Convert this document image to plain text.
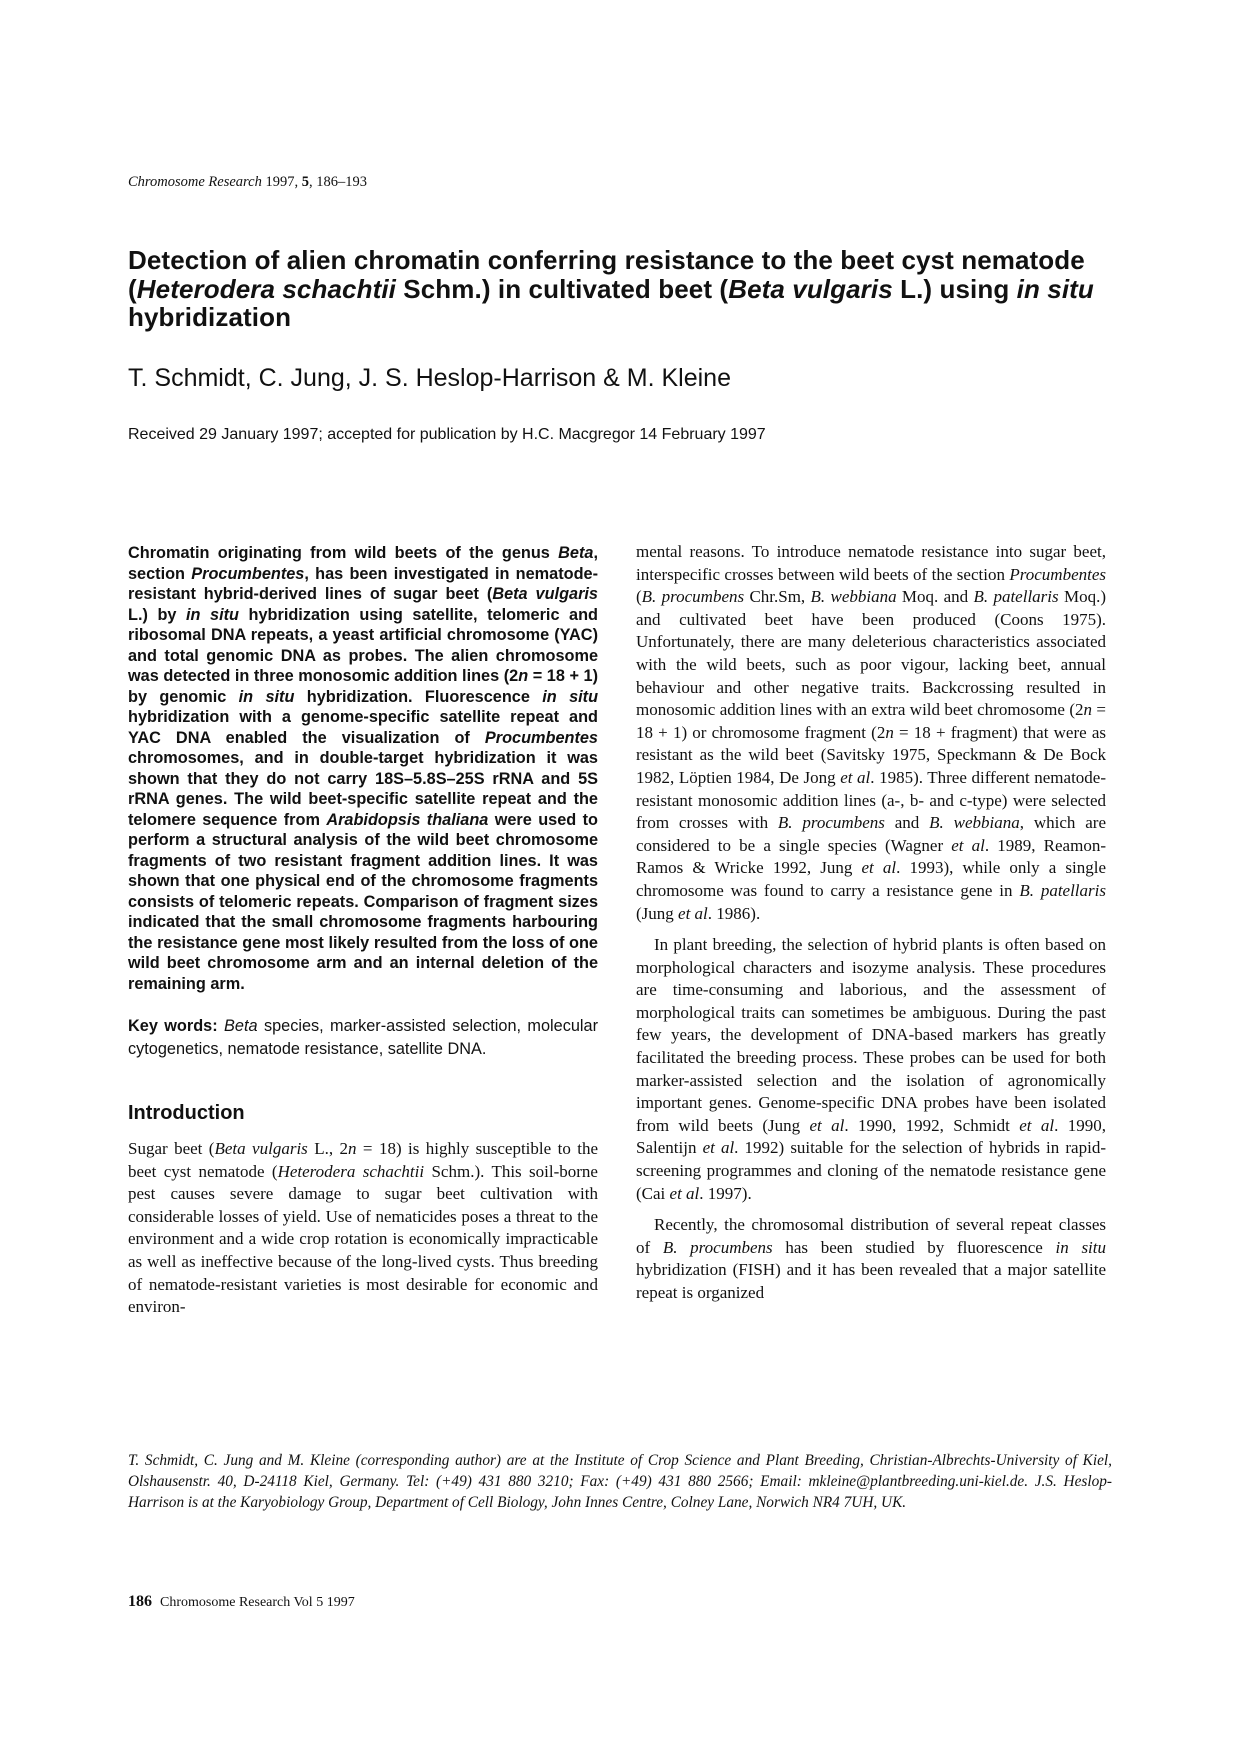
Chromosome Research 1997, 5, 186–193
Detection of alien chromatin conferring resistance to the beet cyst nematode (Heterodera schachtii Schm.) in cultivated beet (Beta vulgaris L.) using in situ hybridization
T. Schmidt, C. Jung, J. S. Heslop-Harrison & M. Kleine
Received 29 January 1997; accepted for publication by H.C. Macgregor 14 February 1997

Chromatin originating from wild beets of the genus Beta, section Procumbentes, has been investigated in nematode-resistant hybrid-derived lines of sugar beet (Beta vulgaris L.) by in situ hybridization using satellite, telomeric and ribosomal DNA repeats, a yeast artificial chromosome (YAC) and total genomic DNA as probes. The alien chromosome was detected in three monosomic addition lines (2n = 18 + 1) by genomic in situ hybridization. Fluorescence in situ hybridization with a genome-specific satellite repeat and YAC DNA enabled the visualization of Procumbentes chromosomes, and in double-target hybridization it was shown that they do not carry 18S–5.8S–25S rRNA and 5S rRNA genes. The wild beet-specific satellite repeat and the telomere sequence from Arabidopsis thaliana were used to perform a structural analysis of the wild beet chromosome fragments of two resistant fragment addition lines. It was shown that one physical end of the chromosome fragments consists of telomeric repeats. Comparison of fragment sizes indicated that the small chromosome fragments harbouring the resistance gene most likely resulted from the loss of one wild beet chromosome arm and an internal deletion of the remaining arm.

Key words: Beta species, marker-assisted selection, molecular cytogenetics, nematode resistance, satellite DNA.

Introduction

Sugar beet (Beta vulgaris L., 2n = 18) is highly susceptible to the beet cyst nematode (Heterodera schachtii Schm.). This soil-borne pest causes severe damage to sugar beet cultivation with considerable losses of yield. Use of nematicides poses a threat to the environment and a wide crop rotation is economically impracticable as well as ineffective because of the long-lived cysts. Thus breeding of nematode-resistant varieties is most desirable for economic and environ-

mental reasons. To introduce nematode resistance into sugar beet, interspecific crosses between wild beets of the section Procumbentes (B. procumbens Chr.Sm, B. webbiana Moq. and B. patellaris Moq.) and cultivated beet have been produced (Coons 1975). Unfortunately, there are many deleterious characteristics associated with the wild beets, such as poor vigour, lacking beet, annual behaviour and other negative traits. Backcrossing resulted in monosomic addition lines with an extra wild beet chromosome (2n = 18 + 1) or chromosome fragment (2n = 18 + fragment) that were as resistant as the wild beet (Savitsky 1975, Speckmann & De Bock 1982, Löptien 1984, De Jong et al. 1985). Three different nematode-resistant monosomic addition lines (a-, b- and c-type) were selected from crosses with B. procumbens and B. webbiana, which are considered to be a single species (Wagner et al. 1989, Reamon-Ramos & Wricke 1992, Jung et al. 1993), while only a single chromosome was found to carry a resistance gene in B. patellaris (Jung et al. 1986).

In plant breeding, the selection of hybrid plants is often based on morphological characters and isozyme analysis. These procedures are time-consuming and laborious, and the assessment of morphological traits can sometimes be ambiguous. During the past few years, the development of DNA-based markers has greatly facilitated the breeding process. These probes can be used for both marker-assisted selection and the isolation of agronomically important genes. Genome-specific DNA probes have been isolated from wild beets (Jung et al. 1990, 1992, Schmidt et al. 1990, Salentijn et al. 1992) suitable for the selection of hybrids in rapid-screening programmes and cloning of the nematode resistance gene (Cai et al. 1997).

Recently, the chromosomal distribution of several repeat classes of B. procumbens has been studied by fluorescence in situ hybridization (FISH) and it has been revealed that a major satellite repeat is organized

T. Schmidt, C. Jung and M. Kleine (corresponding author) are at the Institute of Crop Science and Plant Breeding, Christian-Albrechts-University of Kiel, Olshausenstr. 40, D-24118 Kiel, Germany. Tel: (+49) 431 880 3210; Fax: (+49) 431 880 2566; Email: mkleine@plantbreeding.uni-kiel.de. J.S. Heslop-Harrison is at the Karyobiology Group, Department of Cell Biology, John Innes Centre, Colney Lane, Norwich NR4 7UH, UK.

186 Chromosome Research Vol 5 1997
